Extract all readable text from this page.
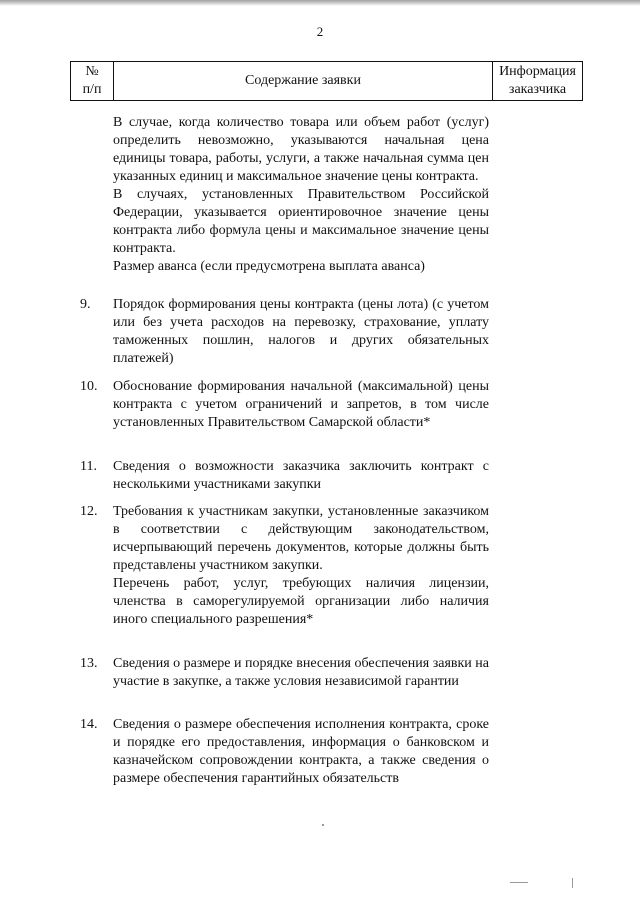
2
№
п/п	Содержание заявки	Информация
заказчика

В случае, когда количество товара или объем работ (услуг) определить невозможно, указываются начальная цена единицы товара, работы, услуги, а также начальная сумма цен указанных единиц и максимальное значение цены контракта.

В случаях, установленных Правительством Российской Федерации, указывается ориентировочное значение цены контракта либо формула цены и максимальное значение цены контракта.

Размер аванса (если предусмотрена выплата аванса)

9. Порядок формирования цены контракта (цены лота) (с учетом или без учета расходов на перевозку, страхование, уплату таможенных пошлин, налогов и других обязательных платежей)

10. Обоснование формирования начальной (максимальной) цены контракта с учетом ограничений и запретов, в том числе установленных Правительством Самарской области*

11. Сведения о возможности заказчика заключить контракт с несколькими участниками закупки

12. Требования к участникам закупки, установленные заказчиком в соответствии с действующим законодательством, исчерпывающий перечень документов, которые должны быть представлены участником закупки.

Перечень работ, услуг, требующих наличия лицензии, членства в саморегулируемой организации либо наличия иного специального разрешения*

13. Сведения о размере и порядке внесения обеспечения заявки на участие в закупке, а также условия независимой гарантии

14. Сведения о размере обеспечения исполнения контракта, сроке и порядке его предоставления, информация о банковском и казначейском сопровождении контракта, а также сведения о размере обеспечения гарантийных обязательств
